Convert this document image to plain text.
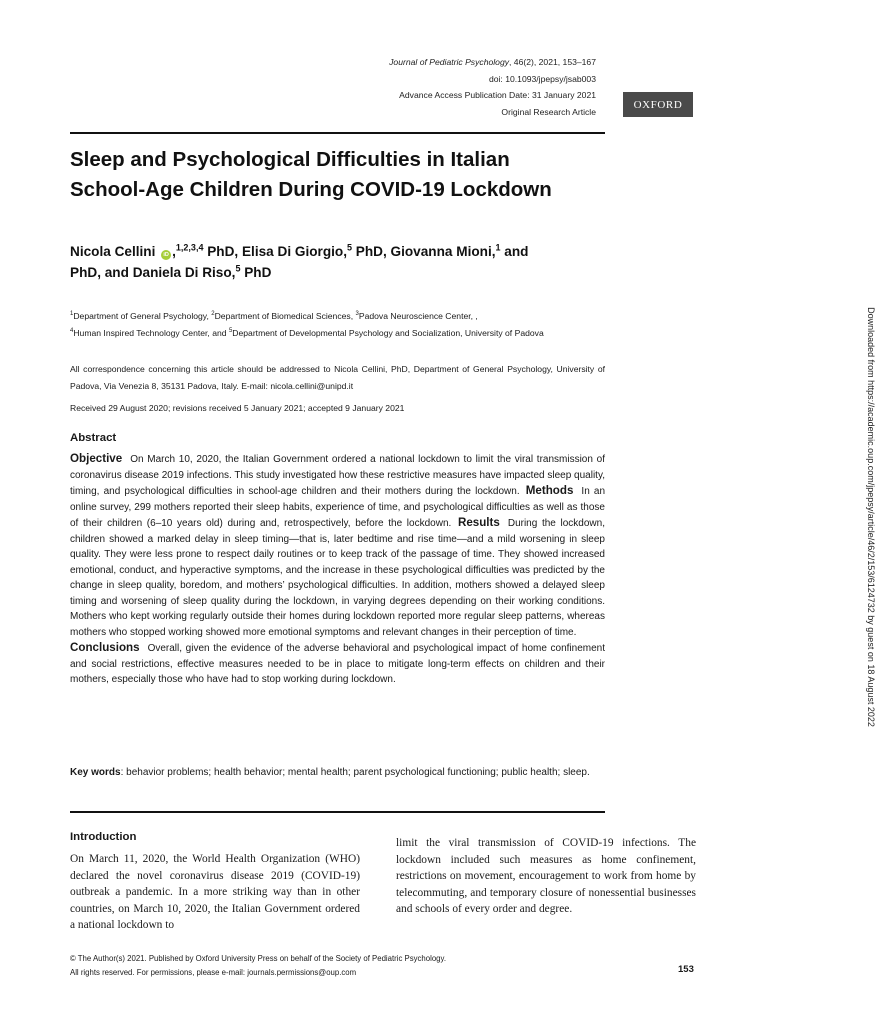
Journal of Pediatric Psychology, 46(2), 2021, 153–167
doi: 10.1093/jpepsy/jsab003
Advance Access Publication Date: 31 January 2021
Original Research Article
OXFORD
Sleep and Psychological Difficulties in Italian School-Age Children During COVID-19 Lockdown
Nicola Cellini iD ,$^{1,2,3,4}$ PhD, Elisa Di Giorgio,$^5$ PhD, Giovanna Mioni,$^1$ and
PhD, and Daniela Di Riso,$^5$ PhD
$^1$Department of General Psychology, $^2$Department of Biomedical Sciences, $^3$Padova Neuroscience Center, ,
$^4$Human Inspired Technology Center, and $^5$Department of Developmental Psychology and Socialization, University of Padova
All correspondence concerning this article should be addressed to Nicola Cellini, PhD, Department of General Psychology, University of Padova, Via Venezia 8, 35131 Padova, Italy. E-mail: nicola.cellini@unipd.it
Received 29 August 2020; revisions received 5 January 2021; accepted 9 January 2021
Abstract
Objective On March 10, 2020, the Italian Government ordered a national lockdown to limit the viral transmission of coronavirus disease 2019 infections. This study investigated how these restrictive measures have impacted sleep quality, timing, and psychological difficulties in school-age children and their mothers during the lockdown. Methods In an online survey, 299 mothers reported their sleep habits, experience of time, and psychological difficulties as well as those of their children (6–10 years old) during and, retrospectively, before the lockdown. Results During the lockdown, children showed a marked delay in sleep timing—that is, later bedtime and rise time—and a mild worsening in sleep quality. They were less prone to respect daily routines or to keep track of the passage of time. They showed increased emotional, conduct, and hyperactive symptoms, and the increase in these psychological difficulties was predicted by the change in sleep quality, boredom, and mothers’ psychological difficulties. In addition, mothers showed a delayed sleep timing and worsening of sleep quality during the lockdown, in varying degrees depending on their working conditions. Mothers who kept working regularly outside their homes during lockdown reported more regular sleep patterns, whereas mothers who stopped working showed more emotional symptoms and relevant changes in their perception of time.
Conclusions Overall, given the evidence of the adverse behavioral and psychological impact of home confinement and social restrictions, effective measures needed to be in place to mitigate long-term effects on children and their mothers, especially those who have had to stop working during lockdown.
Key words: behavior problems; health behavior; mental health; parent psychological functioning; public health; sleep.
Introduction
On March 11, 2020, the World Health Organization (WHO) declared the novel coronavirus disease 2019 (COVID-19) outbreak a pandemic. In a more striking way than in other countries, on March 10, 2020, the Italian Government ordered a national lockdown to
limit the viral transmission of COVID-19 infections. The lockdown included such measures as home confinement, restrictions on movement, encouragement to work from home by telecommuting, and temporary closure of nonessential businesses and schools of every order and degree.
© The Author(s) 2021. Published by Oxford University Press on behalf of the Society of Pediatric Psychology.
All rights reserved. For permissions, please e-mail: journals.permissions@oup.com	153
Downloaded from https://academic.oup.com/jpepsy/article/46/2/153/6124732 by guest on 18 August 2022
